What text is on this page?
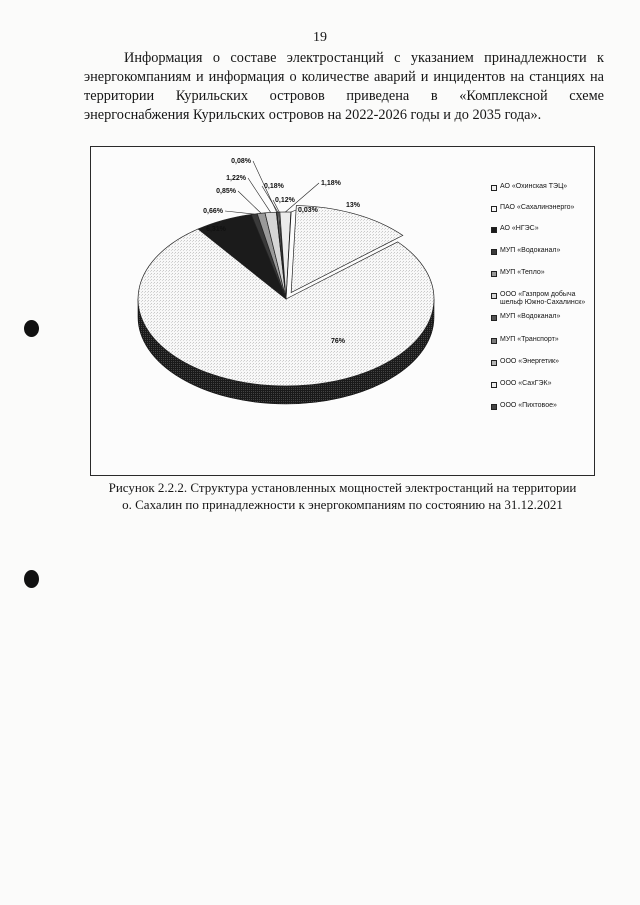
19

Информация о составе электростанций с указанием принадлежности к энергокомпаниям и информация о количестве аварий и инцидентов на станциях на территории Курильских островов приведена в «Комплексной схеме энергоснабжения Курильских островов на 2022-2026 годы и до 2035 года».

13%
76%
6,31%
0,66%
0,85%
1,22%
0,08%
0,18%
0,12%
1,18%
0,03%
АО «Охинская ТЭЦ»
ПАО «Сахалинэнерго»
АО «НГЭС»
МУП «Водоканал»
МУП «Тепло»
ООО «Газпром добыча шельф Южно-Сахалинск»
МУП «Водоканал»
МУП «Транспорт»
ООО «Энергетик»
ООО «СахГЭК»
ООО «Пихтовое»
Рисунок 2.2.2. Структура установленных мощностей электростанций на территории
о. Сахалин по принадлежности к энергокомпаниям по состоянию на 31.12.2021
